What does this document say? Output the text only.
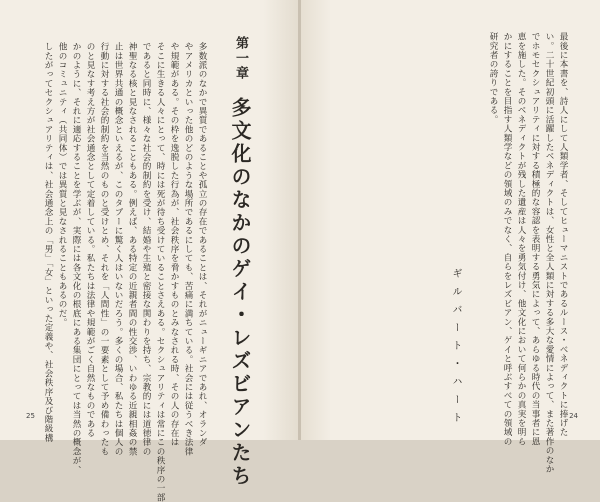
多数派のなかで異質であることや孤立の存在であることは、それがニューギニアであれ、オランダ
やアメリカといった他のどのような場所であるにしても、苦痛に満ちている。社会には従うべき法律
や規範がある。その枠を逸脱した行為が、社会秩序を脅かすものとみなされる時、その人の存在は
そこに生きる人々にとって、時には死が待ち受けていることさえある。セクシュアリティは常にこの秩序の一部
であると同時に、様々な社会的制約を受け、結婚や生殖と密接な関わりを持ち、宗教的には道徳律の
神聖なる核と見なされることもある。例えば、ある特定の近親者間の性交渉、いわゆる近親相姦の禁
止は世界共通の概念といえるが、このタブーに驚く人はいないだろう。多くの場合、私たちは個人の
行動に対する社会的制約を当然のものと受けとめ、それを「人間性」の一要素として予め備わったも
のと見なす考え方が社会通念として定着している。私たちは法律や規範がごく自然なものである
かのように、それに適応することを学ぶが、実際には各文化の根底にある集団にとっては当然の概念が、
他のコミュニティ（共同体）では異質と見なされることもあるのだ。
したがってセクシュアリティは、社会通念上の「男」「女」といった定義や、社会秩序及び階級構
25
第一章多文化のなかのゲイ・レズビアンたち	最後に本書を、詩人にして人類学者、そしてヒューマニストであるルース・ベネディクトに捧げた
い。二十世紀初頭に活躍したベネディクトは、女性と全人類に対する多大な愛情によって、また著作のなか
でホモセクシュアリティに対する積極的な容認を表明する勇気によって、あらゆる時代の当事者に恩
恵を施した。そのベネディクトが残した遺産は人々を勇気付け、他文化において何らかの真実を明ら
かにすることを目指す人類学などの領域のみでなく、自らをレズビアン、ゲイと呼ぶすべての領域の
研究者の誇りである。
24
ギルバート・ハート
